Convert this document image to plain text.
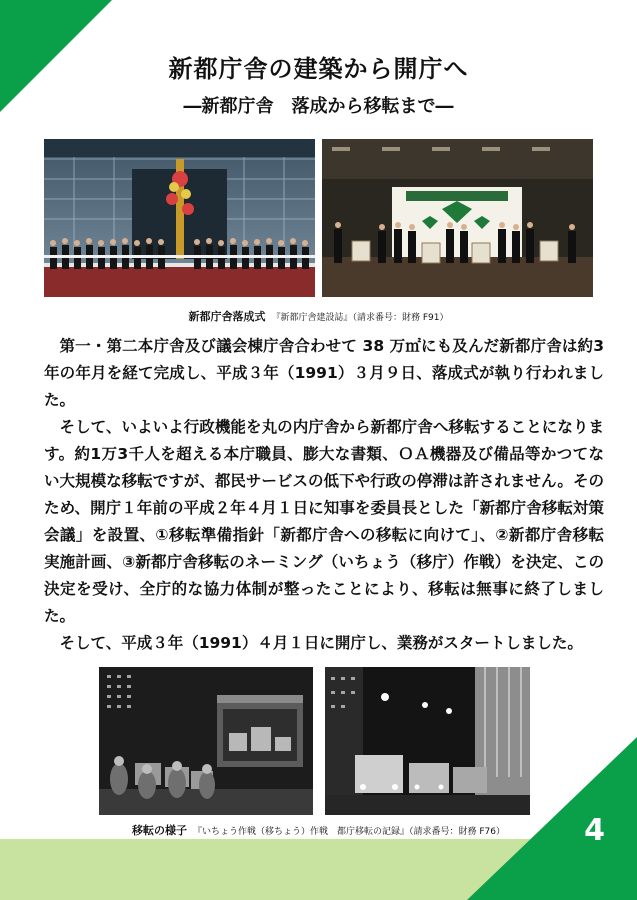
4
新都庁舎の建築から開庁へ
―新都庁舎　落成から移転まで―
新都庁舎落成式 『新都庁舎建設誌』（請求番号：財務 F91）

第一・第二本庁舎及び議会棟庁舎合わせて 38 万㎡にも及んだ新都庁舎は約3年の年月を経て完成し、平成３年（1991）３月９日、落成式が執り行われました。

そして、いよいよ行政機能を丸の内庁舎から新都庁舎へ移転することになります。約1万3千人を超える本庁職員、膨大な書類、ＯＡ機器及び備品等かつてない大規模な移転ですが、都民サービスの低下や行政の停滞は許されません。そのため、開庁１年前の平成２年４月１日に知事を委員長とした「新都庁舎移転対策会議」を設置、①移転準備指針「新都庁舎への移転に向けて」、②新都庁舎移転実施計画、③新都庁舎移転のネーミング（いちょう（移庁）作戦）を決定、この決定を受け、全庁的な協力体制が整ったことにより、移転は無事に終了しました。

そして、平成３年（1991）４月１日に開庁し、業務がスタートしました。

移転の様子 『いちょう作戦（移ちょう）作戦　都庁移転の記録』（請求番号：財務 F76）
